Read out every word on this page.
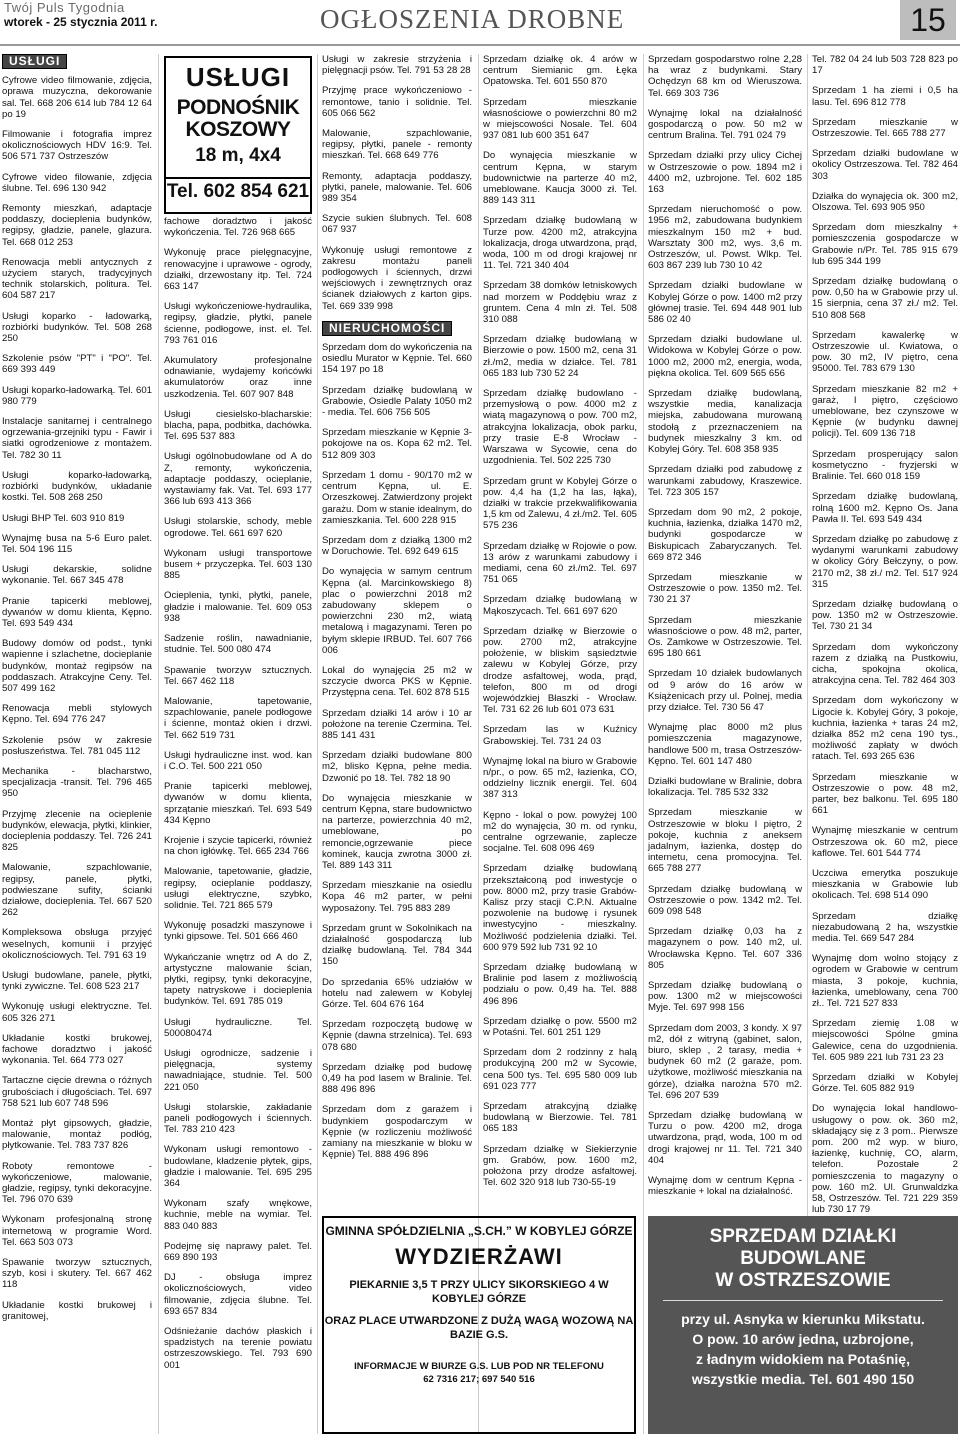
Twój Puls Tygodnia
wtorek - 25 stycznia 2011 r.	OGŁOSZENIA DROBNE	15
USŁUGI

Cyfrowe video filmowanie, zdjęcia, oprawa muzyczna, dekorowanie sal. Tel. 668 206 614 lub 784 12 64 po 19

Filmowanie i fotografia imprez okolicznościowych HDV 16:9. Tel. 506 571 737 Ostrzeszów

Cyfrowe video filowanie, zdjęcia ślubne. Tel. 696 130 942

Remonty mieszkań, adaptacje poddaszy, docieplenia budynków, regipsy, gładzie, panele, glazura. Tel. 668 012 253

Renowacja mebli antycznych z użyciem starych, tradycyjnych technik stolarskich, politura. Tel. 604 587 217

Usługi koparko - ładowarką, rozbiórki budynków. Tel. 508 268 250

Szkolenie psów "PT" i "PO". Tel. 669 393 449

Usługi koparko-ładowarką. Tel. 601 980 779

Instalacje sanitarnej i centralnego ogrzewania-grzejniki typu - Fawir i siatki ogrodzeniowe z montażem. Tel. 782 30 11

Usługi koparko-ładowarką, rozbiórki budynków, układanie kostki. Tel. 508 268 250

Usługi BHP Tel. 603 910 819

Wynajmę busa na 5-6 Euro palet. Tel. 504 196 115

Usługi dekarskie, solidne wykonanie. Tel. 667 345 478

Pranie tapicerki meblowej, dywanów w domu klienta, Kępno. Tel. 693 549 434

Budowy domów od podst., tynki wapienne i szlachetne, docieplanie budynków, montaż regipsów na poddaszach. Atrakcyjne Ceny. Tel. 507 499 162

Renowacja mebli stylowych Kępno. Tel. 694 776 247

Szkolenie psów w zakresie posłuszeństwa. Tel. 781 045 112

Mechanika - blacharstwo, specjalizacja -transit. Tel. 796 465 950

Przyjmę zlecenie na ocieplenie budynków, elewacja, płytki, klinkier, docieplenia poddaszy. Tel. 726 241 825

Malowanie, szpachlowanie, regipsy, panele, płytki, podwieszane sufity, ścianki działowe, docieplenia. Tel. 667 520 262

Kompleksowa obsługa przyjęć weselnych, komunii i przyjęć okolicznościowych. Tel. 791 63 19

Usługi budowlane, panele, płytki, tynki zywiczne. Tel. 608 523 217

Wykonuję usługi elektryczne. Tel. 605 326 271

Układanie kostki brukowej, fachowe doradztwo i jakość wykonania. Tel. 664 773 027

Tartaczne cięcie drewna o różnych grubościach i długościach. Tel. 697 758 521 lub 607 748 596

Montaż płyt gipsowych, gładzie, malowanie, montaż podłóg, płytkowanie. Tel. 783 737 826

Roboty remontowe - wykończeniowe, malowanie, gładzie, regipsy, tynki dekoracyjne. Tel. 796 070 639

Wykonam profesjonalną stronę internetową w programie Word. Tel. 663 503 073

Spawanie tworzyw sztucznych, szyb, kosi i skutery. Tel. 667 462 118

Układanie kostki brukowej i granitowej,

USŁUGI
PODNOŚNIK KOSZOWY
18 m, 4x4
Tel. 602 854 621

fachowe doradztwo i jakość wykończenia. Tel. 726 968 665

Wykonuję prace pielęgnacyjne, renowacyjne i uprawowe - ogrody, działki, drzewostany itp. Tel. 724 663 147

Usługi wykończeniowe-hydraulika, regipsy, gładzie, płytki, panele ścienne, podłogowe, inst. el. Tel. 793 761 016

Akumulatory profesjonalne odnawianie, wydajemy końcówki akumulatorów oraz inne uszkodzenia. Tel. 607 907 848

Usługi ciesielsko-blacharskie: blacha, papa, podbitka, dachówka. Tel. 695 537 883

Usługi ogólnobudowlane od A do Z, remonty, wykończenia, adaptacje poddaszy, ocieplanie, wystawiamy fak. Vat. Tel. 693 177 366 lub 693 413 366

Usługi stolarskie, schody, meble ogrodowe. Tel. 661 697 620

Wykonam usługi transportowe busem + przyczepka. Tel. 603 130 885

Ocieplenia, tynki, płytki, panele, gładzie i malowanie. Tel. 609 053 938

Sadzenie roślin, nawadnianie, studnie. Tel. 500 080 474

Spawanie tworzyw sztucznych. Tel. 667 462 118

Malowanie, tapetowanie, szpachlowanie, panele podłogowe i ścienne, montaż okien i drzwi. Tel. 662 519 731

Usługi hydrauliczne inst. wod. kan i C.O. Tel. 500 221 050

Pranie tapicerki meblowej, dywanów w domu klienta, sprzątanie mieszkań. Tel. 693 549 434 Kępno

Krojenie i szycie tapicerki, również na chon igłówkę. Tel. 665 234 766

Malowanie, tapetowanie, gładzie, regipsy, ocieplanie poddaszy, usługi elektryczne, szybko, solidnie. Tel. 721 865 579

Wykonuję posadzki maszynowe i tynki gipsowe. Tel. 501 666 460

Wykańczanie wnętrz od A do Z, artystyczne malowanie ścian, płytki, regipsy, tynki dekoracyjne, tapety natryskowe i docieplenia budynków. Tel. 691 785 019

Usługi hydrauliczne. Tel. 500080474

Usługi ogrodnicze, sadzenie i pielęgnacja, systemy nawadniające, studnie. Tel. 500 221 050

Usługi stolarskie, zakładanie paneli podłogowych i ściennych. Tel. 783 210 423

Wykonam usługi remontowo - budowlane, kładzenie płytek, gips, gładzie i malowanie. Tel. 695 295 364

Wykonam szafy wnękowe, kuchnie, meble na wymiar. Tel. 883 040 883

Podejmę się naprawy palet. Tel. 669 890 193

DJ - obsługa imprez okolicznościowych, video filmowanie, zdjęcia ślubne. Tel. 693 657 834

Odśnieżanie dachów płaskich i spadzistych na terenie powiatu ostrzeszowskiego. Tel. 793 690 001

Usługi w zakresie strzyżenia i pielęgnacji psów. Tel. 791 53 28 28

Przyjmę prace wykończeniowo - remontowe, tanio i solidnie. Tel. 605 066 562

Malowanie, szpachlowanie, regipsy, płytki, panele - remonty mieszkań. Tel. 668 649 776

Remonty, adaptacja poddaszy, płytki, panele, malowanie. Tel. 606 989 354

Szycie sukien ślubnych. Tel. 608 067 937

Wykonuję usługi remontowe z zakresu montażu paneli podłogowych i ściennych, drzwi wejściowych i zewnętrznych oraz ścianek działowych z karton gips. Tel. 669 339 998

NIERUCHOMOŚCI

Sprzedam dom do wykończenia na osiedlu Murator w Kępnie. Tel. 660 154 197 po 18

Sprzedam działkę budowlaną w Grabowie, Osiedle Palaty 1050 m2 - media. Tel. 606 756 505

Sprzedam mieszkanie w Kępnie 3-pokojowe na os. Kopa 62 m2. Tel. 512 809 303

Sprzedam 1 domu - 90/170 m2 w centrum Kępna, ul. E. Orzeszkowej. Zatwierdzony projekt garażu. Dom w stanie idealnym, do zamieszkania. Tel. 600 228 915

Sprzedam dom z działką 1300 m2 w Doruchowie. Tel. 692 649 615

Do wynajęcia w samym centrum Kępna (al. Marcinkowskiego 8) plac o powierzchni 2018 m2 zabudowany sklepem o powierzchni 230 m2, wiatą metalową i magazynami. Teren po byłym sklepie IRBUD. Tel. 607 766 006

Lokal do wynajęcia 25 m2 w szczycie dworca PKS w Kępnie. Przystępna cena. Tel. 602 878 515

Sprzedam działki 14 arów i 10 ar położone na terenie Czermina. Tel. 885 141 431

Sprzedam działki budowlane 800 m2, blisko Kępna, pełne media. Dzwonić po 18. Tel. 782 18 90

Do wynajęcia mieszkanie w centrum Kępna, stare budownictwo na parterze, powierzchnia 40 m2, umeblowane, po remoncie,ogrzewanie piece kominek, kaucja zwrotna 3000 zł. Tel. 889 143 311

Sprzedam mieszkanie na osiedlu Kopa 46 m2 parter, w pełni wyposażony. Tel. 795 883 289

Sprzedam grunt w Sokolnikach na działalność gospodarczą lub działkę budowlaną. Tel. 784 344 150

Do sprzedania 65% udziałów w hotelu nad zalewem w Kobylej Górze. Tel. 604 676 164

Sprzedam rozpoczętą budowę w Kępnie (dawna strzelnica). Tel. 693 078 680

Sprzedam działkę pod budowę 0,49 ha pod lasem w Bralinie. Tel. 888 496 896

Sprzedam dom z garażem i budynkiem gospodarczym w Kępnie (w rozliczeniu możliwość zamiany na mieszkanie w bloku w Kępnie) Tel. 888 496 896

Sprzedam działkę ok. 4 arów w centrum Siemianic gm. Łęka Opatowska. Tel. 601 550 870

Sprzedam mieszkanie własnościowe o powierzchni 80 m2 w miejscowości Nosale. Tel. 604 937 081 lub 600 351 647

Do wynajęcia mieszkanie w centrum Kępna, w starym budownictwie na parterze 40 m2, umeblowane. Kaucja 3000 zł. Tel. 889 143 311

Sprzedam działkę budowlaną w Turze pow. 4200 m2, atrakcyjna lokalizacja, droga utwardzona, prąd, woda, 100 m od drogi krajowej nr 11. Tel. 721 340 404

Sprzedam 38 domków letniskowych nad morzem w Poddębiu wraz z gruntem. Cena 4 mln zł. Tel. 508 310 088

Sprzedam działkę budowlaną w Bierzowie o pow. 1500 m2, cena 31 zł./m2, media w działce. Tel. 781 065 183 lub 730 52 24

Sprzedam działkę budowlano - przemysłową o pow. 4000 m2 z wiatą magazynową o pow. 700 m2, atrakcyjna lokalizacja, obok parku, przy trasie E-8 Wrocław - Warszawa w Sycowie, cena do uzgodnienia. Tel. 502 225 730

Sprzedam grunt w Kobylej Górze o pow. 4,4 ha (1,2 ha las, łąka), działki w trakcie przekwalifikowania 1,5 km od Zalewu, 4 zł./m2. Tel. 605 575 236

Sprzedam działkę w Rojowie o pow. 13 arów z warunkami zabudowy i mediami, cena 60 zł./m2. Tel. 697 751 065

Sprzedam działkę budowlaną w Mąkoszycach. Tel. 661 697 620

Sprzedam działkę w Bierzowie o pow. 2700 m2, atrakcyjne położenie, w bliskim sąsiedztwie zalewu w Kobylej Górze, przy drodze asfaltowej, woda, prąd, telefon, 800 m od drogi wojewódzkiej Błaszki - Wrocław. Tel. 731 62 26 lub 601 073 631

Sprzedam las w Kuźnicy Grabowskiej. Tel. 731 24 03

Wynajmę lokal na biuro w Grabowie n/pr., o pow. 65 m2, łazienka, CO, oddzielny licznik energii. Tel. 604 387 313

Kępno - lokal o pow. powyżej 100 m2 do wynajęcia, 30 m. od rynku, centralne ogrzewanie, zaplecze socjalne. Tel. 608 096 469

Sprzedam działkę budowlaną przekształconą pod inwestycje o pow. 8000 m2, przy trasie Grabów- Kalisz przy stacji C.P.N. Aktualne pozwolenie na budowę i rysunek inwestycyjno - mieszkalny. Możliwość podzielenia działki. Tel. 600 979 592 lub 731 92 10

Sprzedam działkę budowlaną w Bralinie pod lasem z możliwością podziału o pow. 0,49 ha. Tel. 888 496 896

Sprzedam działkę o pow. 5500 m2 w Potaśni. Tel. 601 251 129

Sprzedam dom 2 rodzinny z halą produkcyjną 200 m2 w Sycowie, cena 500 tys. Tel. 695 580 009 lub 691 023 777

Sprzedam atrakcyjną działkę budowlaną w Bierzowie. Tel. 781 065 183

Sprzedam działkę w Siekierzynie gm. Grabów, pow. 1600 m2, położona przy drodze asfaltowej. Tel. 602 320 918 lub 730-55-19

Sprzedam gospodarstwo rolne 2,28 ha wraz z budynkami. Stary Ochędzyn 68 km od Wieruszowa. Tel. 669 303 736

Wynajmę lokal na działalność gospodarczą o pow. 50 m2 w centrum Bralina. Tel. 791 024 79

Sprzedam działki przy ulicy Cichej w Ostrzeszowie o pow. 1894 m2 i 4400 m2, uzbrojone. Tel. 602 185 163

Sprzedam nieruchomość o pow. 1956 m2, zabudowana budynkiem mieszkalnym 150 m2 + bud. Warsztaty 300 m2, wys. 3,6 m. Ostrzeszów, ul. Powst. Wlkp. Tel. 603 867 239 lub 730 10 42

Sprzedam działki budowlane w Kobylej Górze o pow. 1400 m2 przy głównej trasie. Tel. 694 448 901 lub 586 02 40

Sprzedam działki budowlane ul. Widokowa w Kobylej Górze o pow. 1000 m2, 2000 m2, energia, woda, piękna okolica. Tel. 609 565 656

Sprzedam działkę budowlaną, wszystkie media, kanalizacja miejska, zabudowana murowaną stodołą z przeznaczeniem na budynek mieszkalny 3 km. od Kobylej Góry. Tel. 608 358 935

Sprzedam działki pod zabudowę z warunkami zabudowy, Kraszewice. Tel. 723 305 157

Sprzedam dom 90 m2, 2 pokoje, kuchnia, łazienka, działka 1470 m2, budynki gospodarcze w Biskupicach Zabaryczanych. Tel. 669 872 346

Sprzedam mieszkanie w Ostrzeszowie o pow. 1350 m2. Tel. 730 21 37

Sprzedam mieszkanie własnościowe o pow. 48 m2, parter, Os. Zamkowe w Ostrzeszowie. Tel. 695 180 661

Sprzedam 10 działek budowlanych od 9 arów do 16 arów w Książenicach przy ul. Polnej, media przy działce. Tel. 730 56 47

Wynajmę plac 8000 m2 plus pomieszczenia magazynowe, handlowe 500 m, trasa Ostrzeszów- Kępno. Tel. 601 147 480

Działki budowlane w Bralinie, dobra lokalizacja. Tel. 785 532 332

Sprzedam mieszkanie w Ostrzeszowie w bloku I piętro, 2 pokoje, kuchnia z aneksem jadalnym, łazienka, dostęp do internetu, cena promocyjna. Tel. 665 788 277

Sprzedam działkę budowlaną w Ostrzeszowie o pow. 1342 m2. Tel. 609 098 548

Sprzedam działkę 0,03 ha z magazynem o pow. 140 m2, ul. Wrocławska Kępno. Tel. 607 336 805

Sprzedam działkę budowlaną o pow. 1300 m2 w miejscowości Myje. Tel. 697 998 156

Sprzedam dom 2003, 3 kondy. X 97 m2, dół z witryną (gabinet, salon, biuro, sklep , 2 tarasy, media + budynek 60 m2 (2 garaże, pom. użytkowe, możliwość mieszkania na górze), działka narożna 570 m2. Tel. 696 207 539

Sprzedam działkę budowlaną w Turzu o pow. 4200 m2, droga utwardzona, prąd, woda, 100 m od drogi krajowej nr 11. Tel. 721 340 404

Wynajmę dom w centrum Kępna - mieszkanie + lokal na działalność.

Tel. 782 04 24 lub 503 728 823 po 17

Sprzedam 1 ha ziemi i 0,5 ha lasu. Tel. 696 812 778

Sprzedam mieszkanie w Ostrzeszowie. Tel. 665 788 277

Sprzedam działki budowlane w okolicy Ostrzeszowa. Tel. 782 464 303

Działka do wynajęcia ok. 300 m2, Olszowa. Tel. 693 905 950

Sprzedam dom mieszkalny + pomieszczenia gospodarcze w Grabowie n/Pr. Tel. 785 915 679 lub 695 344 199

Sprzedam działkę budowlaną o pow. 0,50 ha w Grabowie przy ul. 15 sierpnia, cena 37 zł./ m2. Tel. 510 808 568

Sprzedam kawalerkę w Ostrzeszowie ul. Kwiatowa, o pow. 30 m2, IV piętro, cena 95000. Tel. 783 679 130

Sprzedam mieszkanie 82 m2 + garaż, I piętro, częściowo umeblowane, bez czynszowe w Kępnie (w budynku dawnej policji). Tel. 609 136 718

Sprzedam prosperujący salon kosmetyczno - fryzjerski w Bralinie. Tel. 660 018 159

Sprzedam działkę budowlaną, rolną 1600 m2. Kępno Os. Jana Pawła II. Tel. 693 549 434

Sprzedam działkę po zabudowę z wydanymi warunkami zabudowy w okolicy Góry Bełczyny, o pow. 2170 m2, 38 zł./ m2. Tel. 517 924 315

Sprzedam działkę budowlaną o pow. 1350 m2 w Ostrzeszowie. Tel. 730 21 34

Sprzedam dom wykończony razem z działką na Pustkowiu, cicha, spokojna okolica, atrakcyjna cena. Tel. 782 464 303

Sprzedam dom wykończony w Ligocie k. Kobylej Góry, 3 pokoje, kuchnia, łazienka + taras 24 m2, działka 852 m2 cena 190 tys., możliwość zapłaty w dwóch ratach. Tel. 693 265 636

Sprzedam mieszkanie w Ostrzeszowie o pow. 48 m2, parter, bez balkonu. Tel. 695 180 661

Wynajmę mieszkanie w centrum Ostrzeszowa ok. 60 m2, piece kaflowe. Tel. 601 544 774

Uczciwa emerytka poszukuje mieszkania w Grabowie lub okolicach. Tel. 698 514 090

Sprzedam działkę niezabudowaną 2 ha, wszystkie media. Tel. 669 547 284

Wynajmę dom wolno stojący z ogrodem w Grabowie w centrum miasta, 3 pokoje, kuchnia, łazienka, umeblowany, cena 700 zł.. Tel. 721 527 833

Sprzedam ziemię 1.08 w miejscowości Spólne gmina Galewice, cena do uzgodnienia. Tel. 605 989 221 lub 731 23 23

Sprzedam działki w Kobylej Górze. Tel. 605 882 919

Do wynajęcia lokal handlowo-usługowy o pow. ok. 360 m2, składający się z 3 pom.. Pierwsze pom. 200 m2 wyp. w biuro, łazienkę, kuchnię, CO, alarm, telefon. Pozostałe 2 pomieszczenia to magazyny o pow. 160 m2. Ul. Grunwaldzka 58, Ostrzeszów. Tel. 721 229 359 lub 730 17 79

GMINNA SPÓŁDZIELNIA „S.CH.” W KOBYLEJ GÓRZE
WYDZIERŻAWI
PIEKARNIE 3,5 T PRZY ULICY SIKORSKIEGO 4 W KOBYLEJ GÓRZE
ORAZ PLACE UTWARDZONE Z DUŻĄ WAGĄ WOZOWĄ NA BAZIE G.S.
INFORMACJE W BIURZE G.S. LUB POD NR TELEFONU
62 7316 217; 697 540 516
SPRZEDAM DZIAŁKI BUDOWLANE
W OSTRZESZOWIE
przy ul. Asnyka w kierunku Mikstatu.
O pow. 10 arów jedna, uzbrojone,
z ładnym widokiem na Potaśnię,
wszystkie media. Tel. 601 490 150
